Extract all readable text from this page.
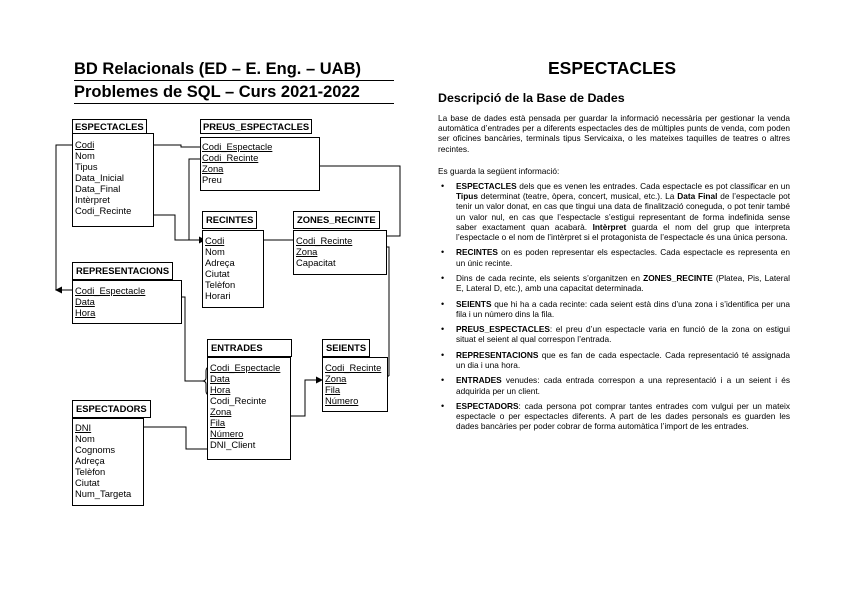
BD Relacionals (ED – E. Eng. – UAB)
Problemes de SQL – Curs 2021-2022
ESPECTACLES
Codi
Nom
Tipus
Data_Inicial
Data_Final
Intèrpret
Codi_Recinte
PREUS_ESPECTACLES
Codi_Espectacle
Codi_Recinte
Zona
Preu
RECINTES
Codi
Nom
Adreça
Ciutat
Telèfon
Horari
ZONES_RECINTE
Codi_Recinte
Zona
Capacitat
REPRESENTACIONS
Codi_Espectacle
Data
Hora
ENTRADES
Codi_Espectacle
Data
Hora
Codi_Recinte
Zona
Fila
Número
DNI_Client
SEIENTS
Codi_Recinte
Zona
Fila
Número
ESPECTADORS
DNI
Nom
Cognoms
Adreça
Telèfon
Ciutat
Num_Targeta
ESPECTACLES
Descripció de la Base de Dades
La base de dades està pensada per guardar la informació necessària per gestionar la venda automàtica d’entrades per a diferents espectacles des de múltiples punts de venda, com poden ser oficines bancàries, terminals tipus Servicaixa, o les mateixes taquilles de teatres o altres recintes.
Es guarda la següent informació:
• ESPECTACLES dels que es venen les entrades. Cada espectacle es pot classificar en un Tipus determinat (teatre, òpera, concert, musical, etc.). La Data Final de l’espectacle pot tenir un valor donat, en cas que tingui una data de finalització coneguda, o pot tenir també un valor nul, en cas que l’espectacle s’estigui representant de forma indefinida sense saber exactament quan acabarà. Intèrpret guarda el nom del grup que interpreta l’espectacle o el nom de l’intèrpret si el protagonista de l’espectacle és una única persona.
• RECINTES on es poden representar els espectacles. Cada espectacle es representa en un únic recinte.
• Dins de cada recinte, els seients s’organitzen en ZONES_RECINTE (Platea, Pis, Lateral E, Lateral D, etc.), amb una capacitat determinada.
• SEIENTS que hi ha a cada recinte: cada seient està dins d’una zona i s’identifica per una fila i un número dins la fila.
• PREUS_ESPECTACLES: el preu d’un espectacle varia en funció de la zona on estigui situat el seient al qual correspon l’entrada.
• REPRESENTACIONS que es fan de cada espectacle. Cada representació té assignada un dia i una hora.
• ENTRADES venudes: cada entrada correspon a una representació i a un seient i és adquirida per un client.
• ESPECTADORS: cada persona pot comprar tantes entrades com vulgui per un mateix espectacle o per espectacles diferents. A part de les dades personals es guarden les dades bancàries per poder cobrar de forma automàtica l’import de les entrades.
